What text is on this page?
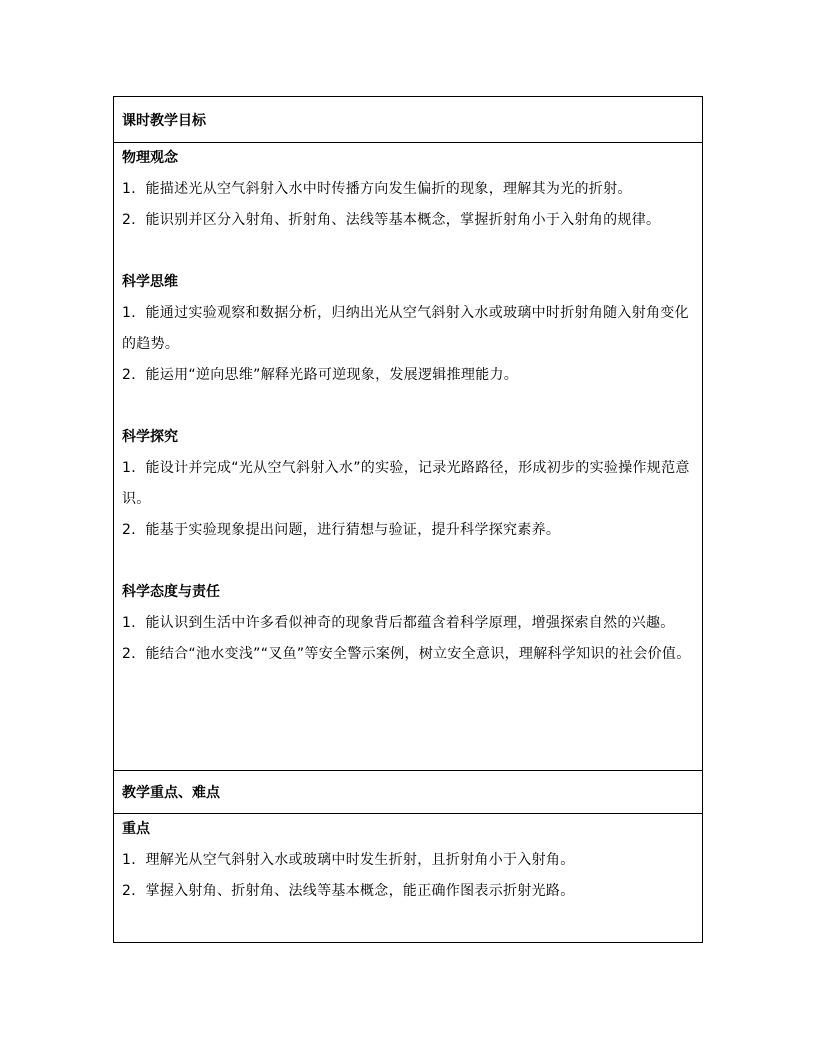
课时教学目标
物理观念

1．能描述光从空气斜射入水中时传播方向发生偏折的现象，理解其为光的折射。

2．能识别并区分入射角、折射角、法线等基本概念，掌握折射角小于入射角的规律。

科学思维

1．能通过实验观察和数据分析，归纳出光从空气斜射入水或玻璃中时折射角随入射角变化的趋势。

2．能运用“逆向思维”解释光路可逆现象，发展逻辑推理能力。

科学探究

1．能设计并完成“光从空气斜射入水”的实验，记录光路路径，形成初步的实验操作规范意识。

2．能基于实验现象提出问题，进行猜想与验证，提升科学探究素养。

科学态度与责任

1．能认识到生活中许多看似神奇的现象背后都蕴含着科学原理，增强探索自然的兴趣。

2．能结合“池水变浅”“叉鱼”等安全警示案例，树立安全意识，理解科学知识的社会价值。

教学重点、难点
重点

1．理解光从空气斜射入水或玻璃中时发生折射，且折射角小于入射角。

2．掌握入射角、折射角、法线等基本概念，能正确作图表示折射光路。
